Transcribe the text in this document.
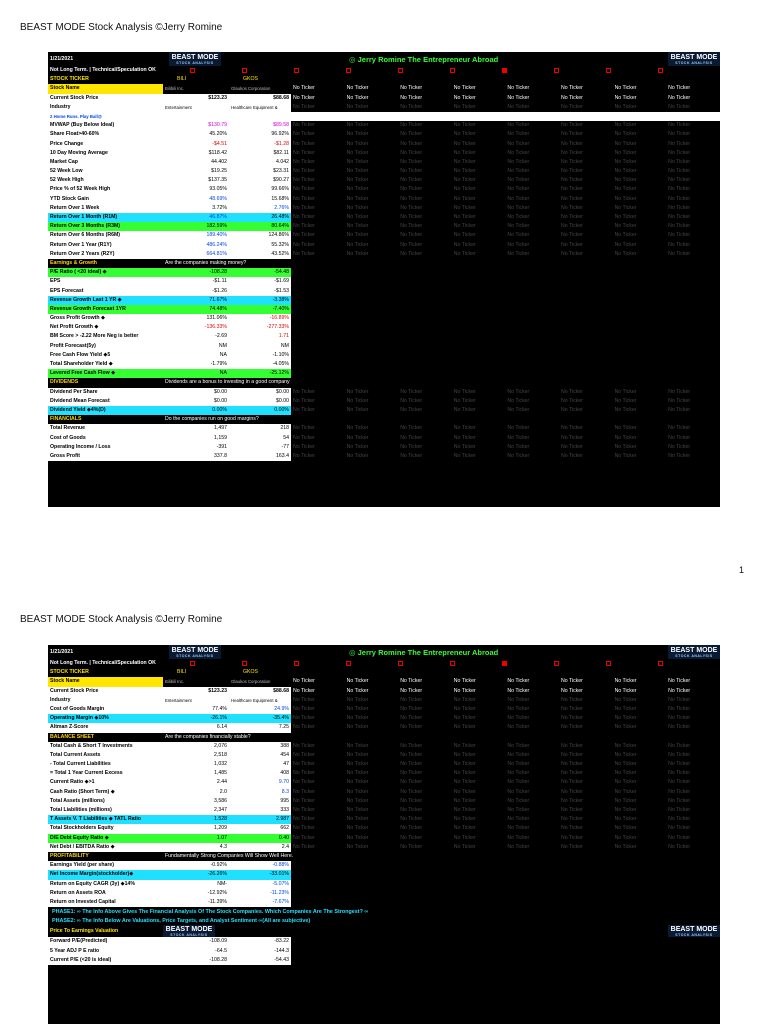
BEAST MODE Stock Analysis ©Jerry Romine
1/21/2021	BEAST MODE
STOCK ANALYSIS	◎ Jerry Romine The Entrepreneur Abroad	BEAST MODE
STOCK ANALYSIS
Not Long Term. | Technical/Speculation OK
STOCK TICKER	BILI	GKOS
Stock Name	Bilibili Inc.	Glaukos Corporation	No Ticker	No Ticker	No Ticker	No Ticker	No Ticker	No Ticker	No Ticker	No Ticker
Current Stock Price	$123.23	$88.68 No Ticker	No Ticker	No Ticker	No Ticker	No Ticker	No Ticker	No Ticker	No Ticker
Industry	Entertainment	Healthcare Equipment &	No Ticker	No Ticker	No Ticker	No Ticker	No Ticker	No Ticker	No Ticker	No Ticker
2 Home Runs. Play Ball@
MVWAP (Buy Below Ideal)	$130.79	$89.58 No Ticker	No Ticker	No Ticker	No Ticker	No Ticker	No Ticker	No Ticker	No Ticker
Share Float>40-60%	45.20%	96.92% No Ticker	No Ticker	No Ticker	No Ticker	No Ticker	No Ticker	No Ticker	No Ticker
Price Change	-$4.51	-$1.28 No Ticker	No Ticker	No Ticker	No Ticker	No Ticker	No Ticker	No Ticker	No Ticker
10 Day Moving Average	$118.42	$82.11 No Ticker	No Ticker	No Ticker	No Ticker	No Ticker	No Ticker	No Ticker	No Ticker
Market Cap	44.402	4.042 No Ticker	No Ticker	No Ticker	No Ticker	No Ticker	No Ticker	No Ticker	No Ticker
52 Week Low	$19.25	$23.31 No Ticker	No Ticker	No Ticker	No Ticker	No Ticker	No Ticker	No Ticker	No Ticker
52 Week High	$137.35	$90.27 No Ticker	No Ticker	No Ticker	No Ticker	No Ticker	No Ticker	No Ticker	No Ticker
Price % of 52 Week High	93.05%	99.66% No Ticker	No Ticker	No Ticker	No Ticker	No Ticker	No Ticker	No Ticker	No Ticker
YTD Stock Gain	48.69%	15.68% No Ticker	No Ticker	No Ticker	No Ticker	No Ticker	No Ticker	No Ticker	No Ticker
Return Over 1 Week	3.72%	2.76% No Ticker	No Ticker	No Ticker	No Ticker	No Ticker	No Ticker	No Ticker	No Ticker
Return Over 1 Month (R1M)	46.87%	26.48% No Ticker	No Ticker	No Ticker	No Ticker	No Ticker	No Ticker	No Ticker	No Ticker
Return Over 3 Months (R3M)	182.59%	80.64% No Ticker	No Ticker	No Ticker	No Ticker	No Ticker	No Ticker	No Ticker	No Ticker
Return Over 6 Months (R6M)	189.40%	124.86% No Ticker	No Ticker	No Ticker	No Ticker	No Ticker	No Ticker	No Ticker	No Ticker
Return Over 1 Year (R1Y)	486.24%	55.32% No Ticker	No Ticker	No Ticker	No Ticker	No Ticker	No Ticker	No Ticker	No Ticker
Return Over 2 Years (R2Y)	664.81%	43.52% No Ticker	No Ticker	No Ticker	No Ticker	No Ticker	No Ticker	No Ticker	No Ticker
Earnings & Growth	Are the companies making money?
P/E Ratio ( <20 ideal) ◆	-108.28	-54.48
EPS	-$1.11	-$1.69
EPS Forecast	-$1.26	-$1.53
Revenue Growth Last 1 YR ◆	71.67%	-3.38%
Revenue Growth Forecast 1YR	74.48%	-7.40%
Gross Profit Growth ◆	131.06%	-16.89%
Net Profit Growth ◆	-136.33%	-277.33%
BM Score > -2.22 More Neg is better	-2.69	1.71
Profit Forecast(5y)	NM	NM
Free Cash Flow Yield ◆5	NA	-1.10%
Total Shareholder Yield ◆	-1.79%	-4.05%
Levered Free Cash Flow ◆	NA	-25.12%
DIVIDENDS	Dividends are a bonus to investing in a good company
Dividend Per Share	$0.00	$0.00 No Ticker	No Ticker	No Ticker	No Ticker	No Ticker	No Ticker	No Ticker	No Ticker
Dividend Mean Forecast	$0.00	$0.00 No Ticker	No Ticker	No Ticker	No Ticker	No Ticker	No Ticker	No Ticker	No Ticker
Dividend Yield ◆4%(D)	0.00%	0.00% No Ticker	No Ticker	No Ticker	No Ticker	No Ticker	No Ticker	No Ticker	No Ticker
FINANCIALS	Do the companies run on good margins?
Total Revenue	1,497	218 No Ticker	No Ticker	No Ticker	No Ticker	No Ticker	No Ticker	No Ticker	No Ticker
Cost of Goods	1,159	54 No Ticker	No Ticker	No Ticker	No Ticker	No Ticker	No Ticker	No Ticker	No Ticker
Operating Income / Loss	-391	-77 No Ticker	No Ticker	No Ticker	No Ticker	No Ticker	No Ticker	No Ticker	No Ticker
Gross Profit	337.8	163.4 No Ticker	No Ticker	No Ticker	No Ticker	No Ticker	No Ticker	No Ticker	No Ticker
1
BEAST MODE Stock Analysis ©Jerry Romine
1/21/2021	BEAST MODE
STOCK ANALYSIS	◎ Jerry Romine The Entrepreneur Abroad	BEAST MODE
STOCK ANALYSIS
Not Long Term. | Technical/Speculation OK
STOCK TICKER	BILI	GKOS
Stock Name	Bilibili Inc.	Glaukos Corporation	No Ticker	No Ticker	No Ticker	No Ticker	No Ticker	No Ticker	No Ticker	No Ticker
Current Stock Price	$123.23	$88.68 No Ticker	No Ticker	No Ticker	No Ticker	No Ticker	No Ticker	No Ticker	No Ticker
Industry	Entertainment	Healthcare Equipment &	No Ticker	No Ticker	No Ticker	No Ticker	No Ticker	No Ticker	No Ticker	No Ticker
Cost of Goods Margin	77.4%	24.9% No Ticker	No Ticker	No Ticker	No Ticker	No Ticker	No Ticker	No Ticker	No Ticker
Operating Margin ◆10%	-26.1%	-35.4% No Ticker	No Ticker	No Ticker	No Ticker	No Ticker	No Ticker	No Ticker	No Ticker
Altman Z-Score	6.14	7.25 No Ticker	No Ticker	No Ticker	No Ticker	No Ticker	No Ticker	No Ticker	No Ticker
BALANCE SHEET	Are the companies financially stable?
Total Cash & Short T Investments	2,076	388 No Ticker	No Ticker	No Ticker	No Ticker	No Ticker	No Ticker	No Ticker	No Ticker
Total Current Assets	2,518	454 No Ticker	No Ticker	No Ticker	No Ticker	No Ticker	No Ticker	No Ticker	No Ticker
- Total Current Liabilities	1,032	47 No Ticker	No Ticker	No Ticker	No Ticker	No Ticker	No Ticker	No Ticker	No Ticker
= Total 1 Year Current Excess	1,485	408 No Ticker	No Ticker	No Ticker	No Ticker	No Ticker	No Ticker	No Ticker	No Ticker
Current Ratio ◆>1	2.44	9.70 No Ticker	No Ticker	No Ticker	No Ticker	No Ticker	No Ticker	No Ticker	No Ticker
Cash Ratio (Short Term) ◆	2.0	8.3 No Ticker	No Ticker	No Ticker	No Ticker	No Ticker	No Ticker	No Ticker	No Ticker
Total Assets (millions)	3,586	995 No Ticker	No Ticker	No Ticker	No Ticker	No Ticker	No Ticker	No Ticker	No Ticker
Total Liabilities (millions)	2,347	333 No Ticker	No Ticker	No Ticker	No Ticker	No Ticker	No Ticker	No Ticker	No Ticker
T Assets V. T Liabilities ◆ TATL Ratio	1.528	2.987 No Ticker	No Ticker	No Ticker	No Ticker	No Ticker	No Ticker	No Ticker	No Ticker
Total Stockholders Equity	1,209	662 No Ticker	No Ticker	No Ticker	No Ticker	No Ticker	No Ticker	No Ticker	No Ticker
D/E Debt Equity Ratio ◆	1.07	0.40 No Ticker	No Ticker	No Ticker	No Ticker	No Ticker	No Ticker	No Ticker	No Ticker
Net Debt / EBITDA Ratio ◆	4.3	2.4 No Ticker	No Ticker	No Ticker	No Ticker	No Ticker	No Ticker	No Ticker	No Ticker
PROFITABILITY	Fundamentally Strong Companies Will Show Well Here.
Earnings Yield (per share)	-0.92%	-0.88%
Net Income Margin(stockholder)◆	-26.26%	-33.01%
Return on Equity CAGR (3y) ◆14%	NM-	-5.07%
Return on Assets ROA	-12.92%	-11.23%
Return on Invested Capital	-11.39%	-7.67%
PHASE1: ∞ The Info Above Gives The Financial Analysis Of The Stock Companies. Which Companies Are The Strongest? ∞
PHASE2: ∞ The Info Below Are Valuations, Price Targets, and Analyst Sentiment ∞(All are subjective)
Price To Earnings Valuation	BEAST MODE
STOCK ANALYSIS
BEAST MODE
STOCK ANALYSIS
Forward P/E(Predicted)	-108.09	-83.22
5 Year ADJ P E ratio	-64.5	-144.3
Current P/E (<20 is ideal)	-108.28	-54.43
